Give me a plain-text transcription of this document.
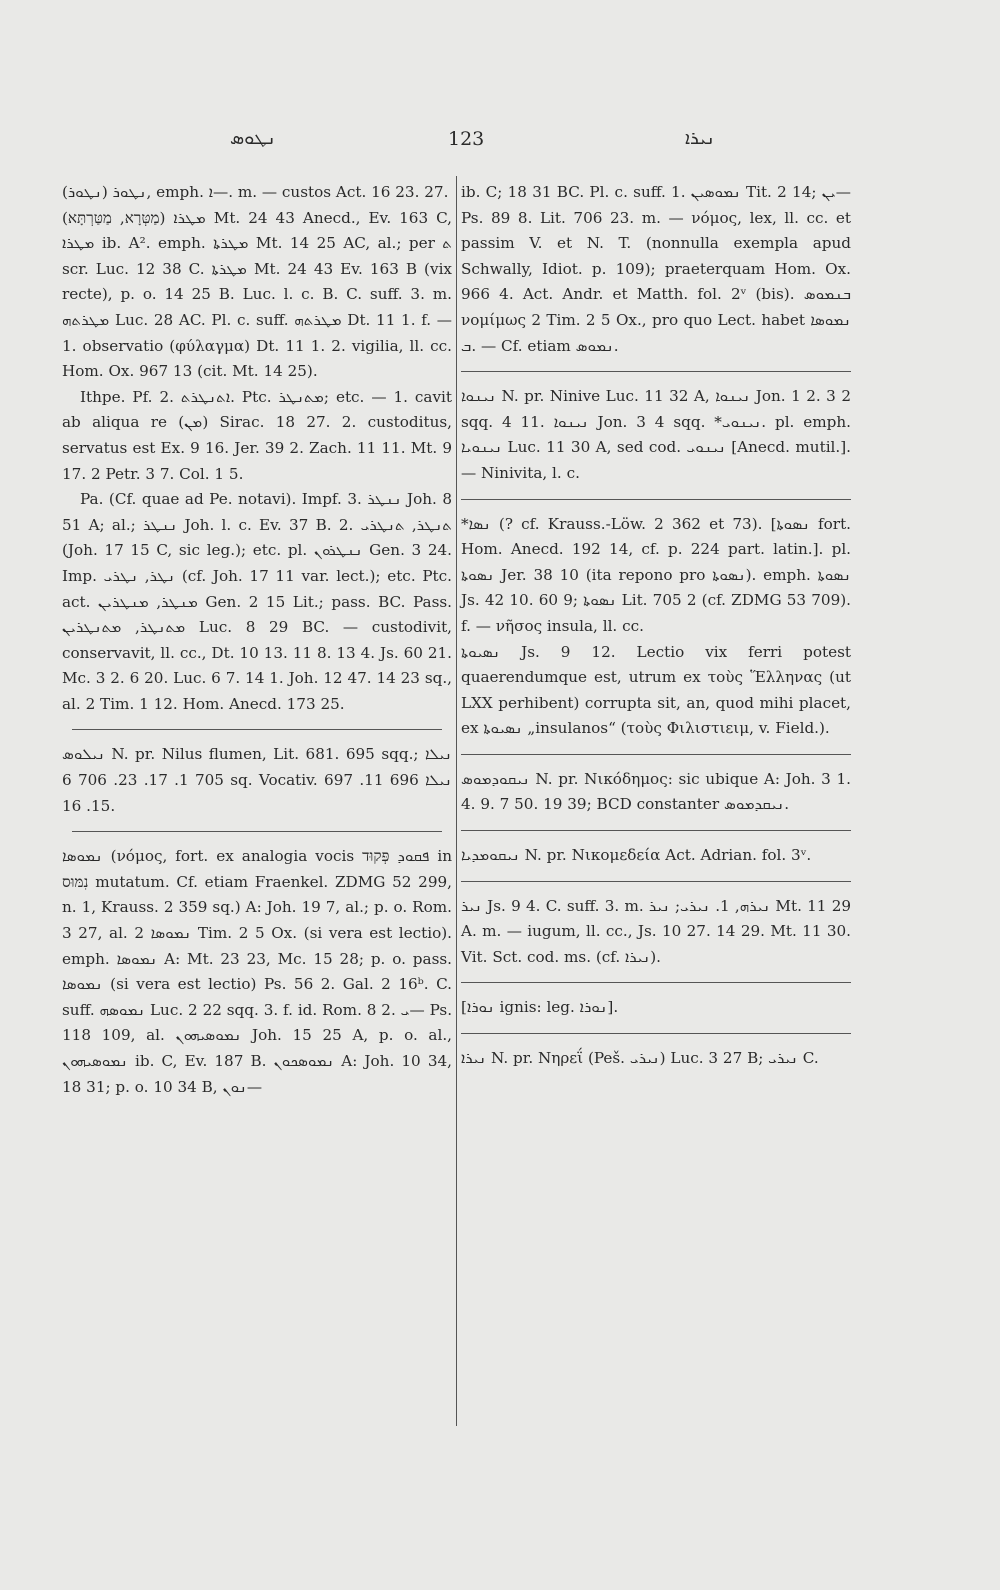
ܢܛܘܣ	123	ܢܝܪܐ

ܢܛܘܪ (ܢܛܘܪ), emph. ܐ—. m. — custos Act. 16 23. 27.

ܡܛܪܐ (מַטְּרָא, מַטַּרְתָּא) Mt. 24 43 Anecd., Ev. 163 C, ܡܛܪܐ ib. A². emph. ܡܛܪܬܐ Mt. 14 25 AC, al.; per ܬ scr. Luc. 12 38 C. ܡܛܪܬܐ Mt. 24 43 Ev. 163 B (vix recte), p. o. 14 25 B. Luc. l. c. B. C. suff. 3. m. ܡܛܪܬܗ Luc. 28 AC. Pl. c. suff. ܡܛܪܬܗ Dt. 11 1. f. — 1. observatio (φύλαγμα) Dt. 11 1. 2. vigilia, ll. cc. Hom. Ox. 967 13 (cit. Mt. 14 25).

Ithpe. Pf. 2. ܐܬܢܛܪܬ. Ptc. ܡܬܢܛܪ; etc. — 1. cavit ab aliqua re (ܡܢ) Sirac. 18 27. 2. custoditus, servatus est Ex. 9 16. Jer. 39 2. Zach. 11 11. Mt. 9 17. 2 Petr. 3 7. Col. 1 5.

Pa. (Cf. quae ad Pe. notavi). Impf. 3. ܢܢܛܪ Joh. 8 51 A; al.; ܢܢܛܪ Joh. l. c. Ev. 37 B. 2. ܬܢܛܪ, ܬܢܛܪܝ (Joh. 17 15 C, sic leg.); etc. pl. ܢܢܛܪܘܢ Gen. 3 24. Imp. ܢܛܪ, ܢܛܪܝ (cf. Joh. 17 11 var. lect.); etc. Ptc. act. ܡܢܛܪ, ܡܢܛܪܝܢ Gen. 2 15 Lit.; pass. BC. Pass. ܡܬܢܛܪ, ܡܬܢܛܪܝܢ Luc. 8 29 BC. — custodivit, conservavit, ll. cc., Dt. 10 13. 11 8. 13 4. Js. 60 21. Mc. 3 2. 6 20. Luc. 6 7. 14 1. Joh. 12 47. 14 23 sq., al. 2 Tim. 1 12. Hom. Anecd. 173 25.

ܢܝܠܘܣ N. pr. Nilus flumen, Lit. 681. 695 sqq.; ܢܝܠܐ 705 1. 17. 23. 706 6 sq. Vocativ. ܢܝܠܐ 696 11. 697 15. 16.

ܢܡܘܣܐ (νόμος, fort. ex analogia vocis ܦܩܘܕ פְּקוּד in נִמּוּס mutatum. Cf. etiam Fraenkel. ZDMG 52 299, n. 1, Krauss. 2 359 sq.) A: Joh. 19 7, al.; p. o. Rom. 3 27, al. ܢܡܘܣܐ 2 Tim. 2 5 Ox. (si vera est lectio). emph. ܢܡܘܣܐ A: Mt. 23 23, Mc. 15 28; p. o. pass. ܢܡܘܣܐ (si vera est lectio) Ps. 56 2. Gal. 2 16ᵇ. C. suff. ܢܡܘܣܗ Luc. 2 22 sqq. 3. f. id. Rom. 8 2. ܝ— Ps. 118 109, al. ܢܡܘܣܝܗܘܢ Joh. 15 25 A, p. o. al., ܢܡܘܣܝܗܘܢ ib. C, Ev. 187 B. ܢܡܘܣܟܘܢ A: Joh. 10 34, 18 31; p. o. 10 34 B, ܢܘܢ—

ib. C; 18 31 BC. Pl. c. suff. 1. ܢܡܘܣܝܢ Tit. 2 14; ܝܢ— Ps. 89 8. Lit. 706 23. m. — νόμος, lex, ll. cc. et passim V. et N. T. (nonnulla exempla apud Schwally, Idiot. p. 109); praeterquam Hom. Ox. 966 4. Act. Andr. et Matth. fol. 2ᵛ (bis). ܒܢܡܘܣ νομίμως 2 Tim. 2 5 Ox., pro quo Lect. habet ܢܡܘܣܐ ܒ. — Cf. etiam ܢܡܘܣ.

ܢܝܢܘܐ N. pr. Ninive Luc. 11 32 A, ܢܝܢܘܐ Jon. 1 2. 3 2 sqq. 4 11. ܢܝܢܘܐ Jon. 3 4 sqq. *ܢܝܢܘܝ. pl. emph. ܢܝܢܘܝܐ Luc. 11 30 A, sed cod. ܢܝܢܘܝ [Anecd. mutil.]. — Ninivita, l. c.

*ܢܣܐ (? cf. Krauss.-Löw. 2 362 et 73). [ܢܣܘܬܐ fort. Hom. Anecd. 192 14, cf. p. 224 part. latin.]. pl. ܢܣܘܬܐ Jer. 38 10 (ita repono pro ܢܣܘܬܐ). emph. ܢܣܘܬܐ Js. 42 10. 60 9; ܢܣܘܬܐ Lit. 705 2 (cf. ZDMG 53 709). f. — νῆσος insula, ll. cc.

ܢܣܝܘܬܐ Js. 9 12. Lectio vix ferri potest quaerendumque est, utrum ex τοὺς Ἕλληνας (ut LXX perhibent) corrupta sit, an, quod mihi placet, ex ܢܣܝܘܬܐ „insulanos“ (τοὺς Φιλιστιειμ, v. Field.).

ܢܝܩܘܕܡܘܣ N. pr. Νικόδημος: sic ubique A: Joh. 3 1. 4. 9. 7 50. 19 39; BCD constanter ܢܝܩܕܡܘܣ.

ܢܝܩܘܡܕܝܐ N. pr. Νικομεδεία Act. Adrian. fol. 3ᵛ.

ܢܝܪ Js. 9 4. C. suff. 3. m. ܢܝܪܗ, 1. ܢܝܪܝ; ܢܝܪ Mt. 11 29 A. m. — iugum, ll. cc., Js. 10 27. 14 29. Mt. 11 30. Vit. Sct. cod. ms. (cf. ܢܝܪܐ).

[ܢܘܪܐ ignis: leg. ܢܘܪܐ].

ܢܝܪܐ N. pr. Νηρεΐ (Peš. ܢܝܪܝ) Luc. 3 27 B; ܢܝܪܝ C.
